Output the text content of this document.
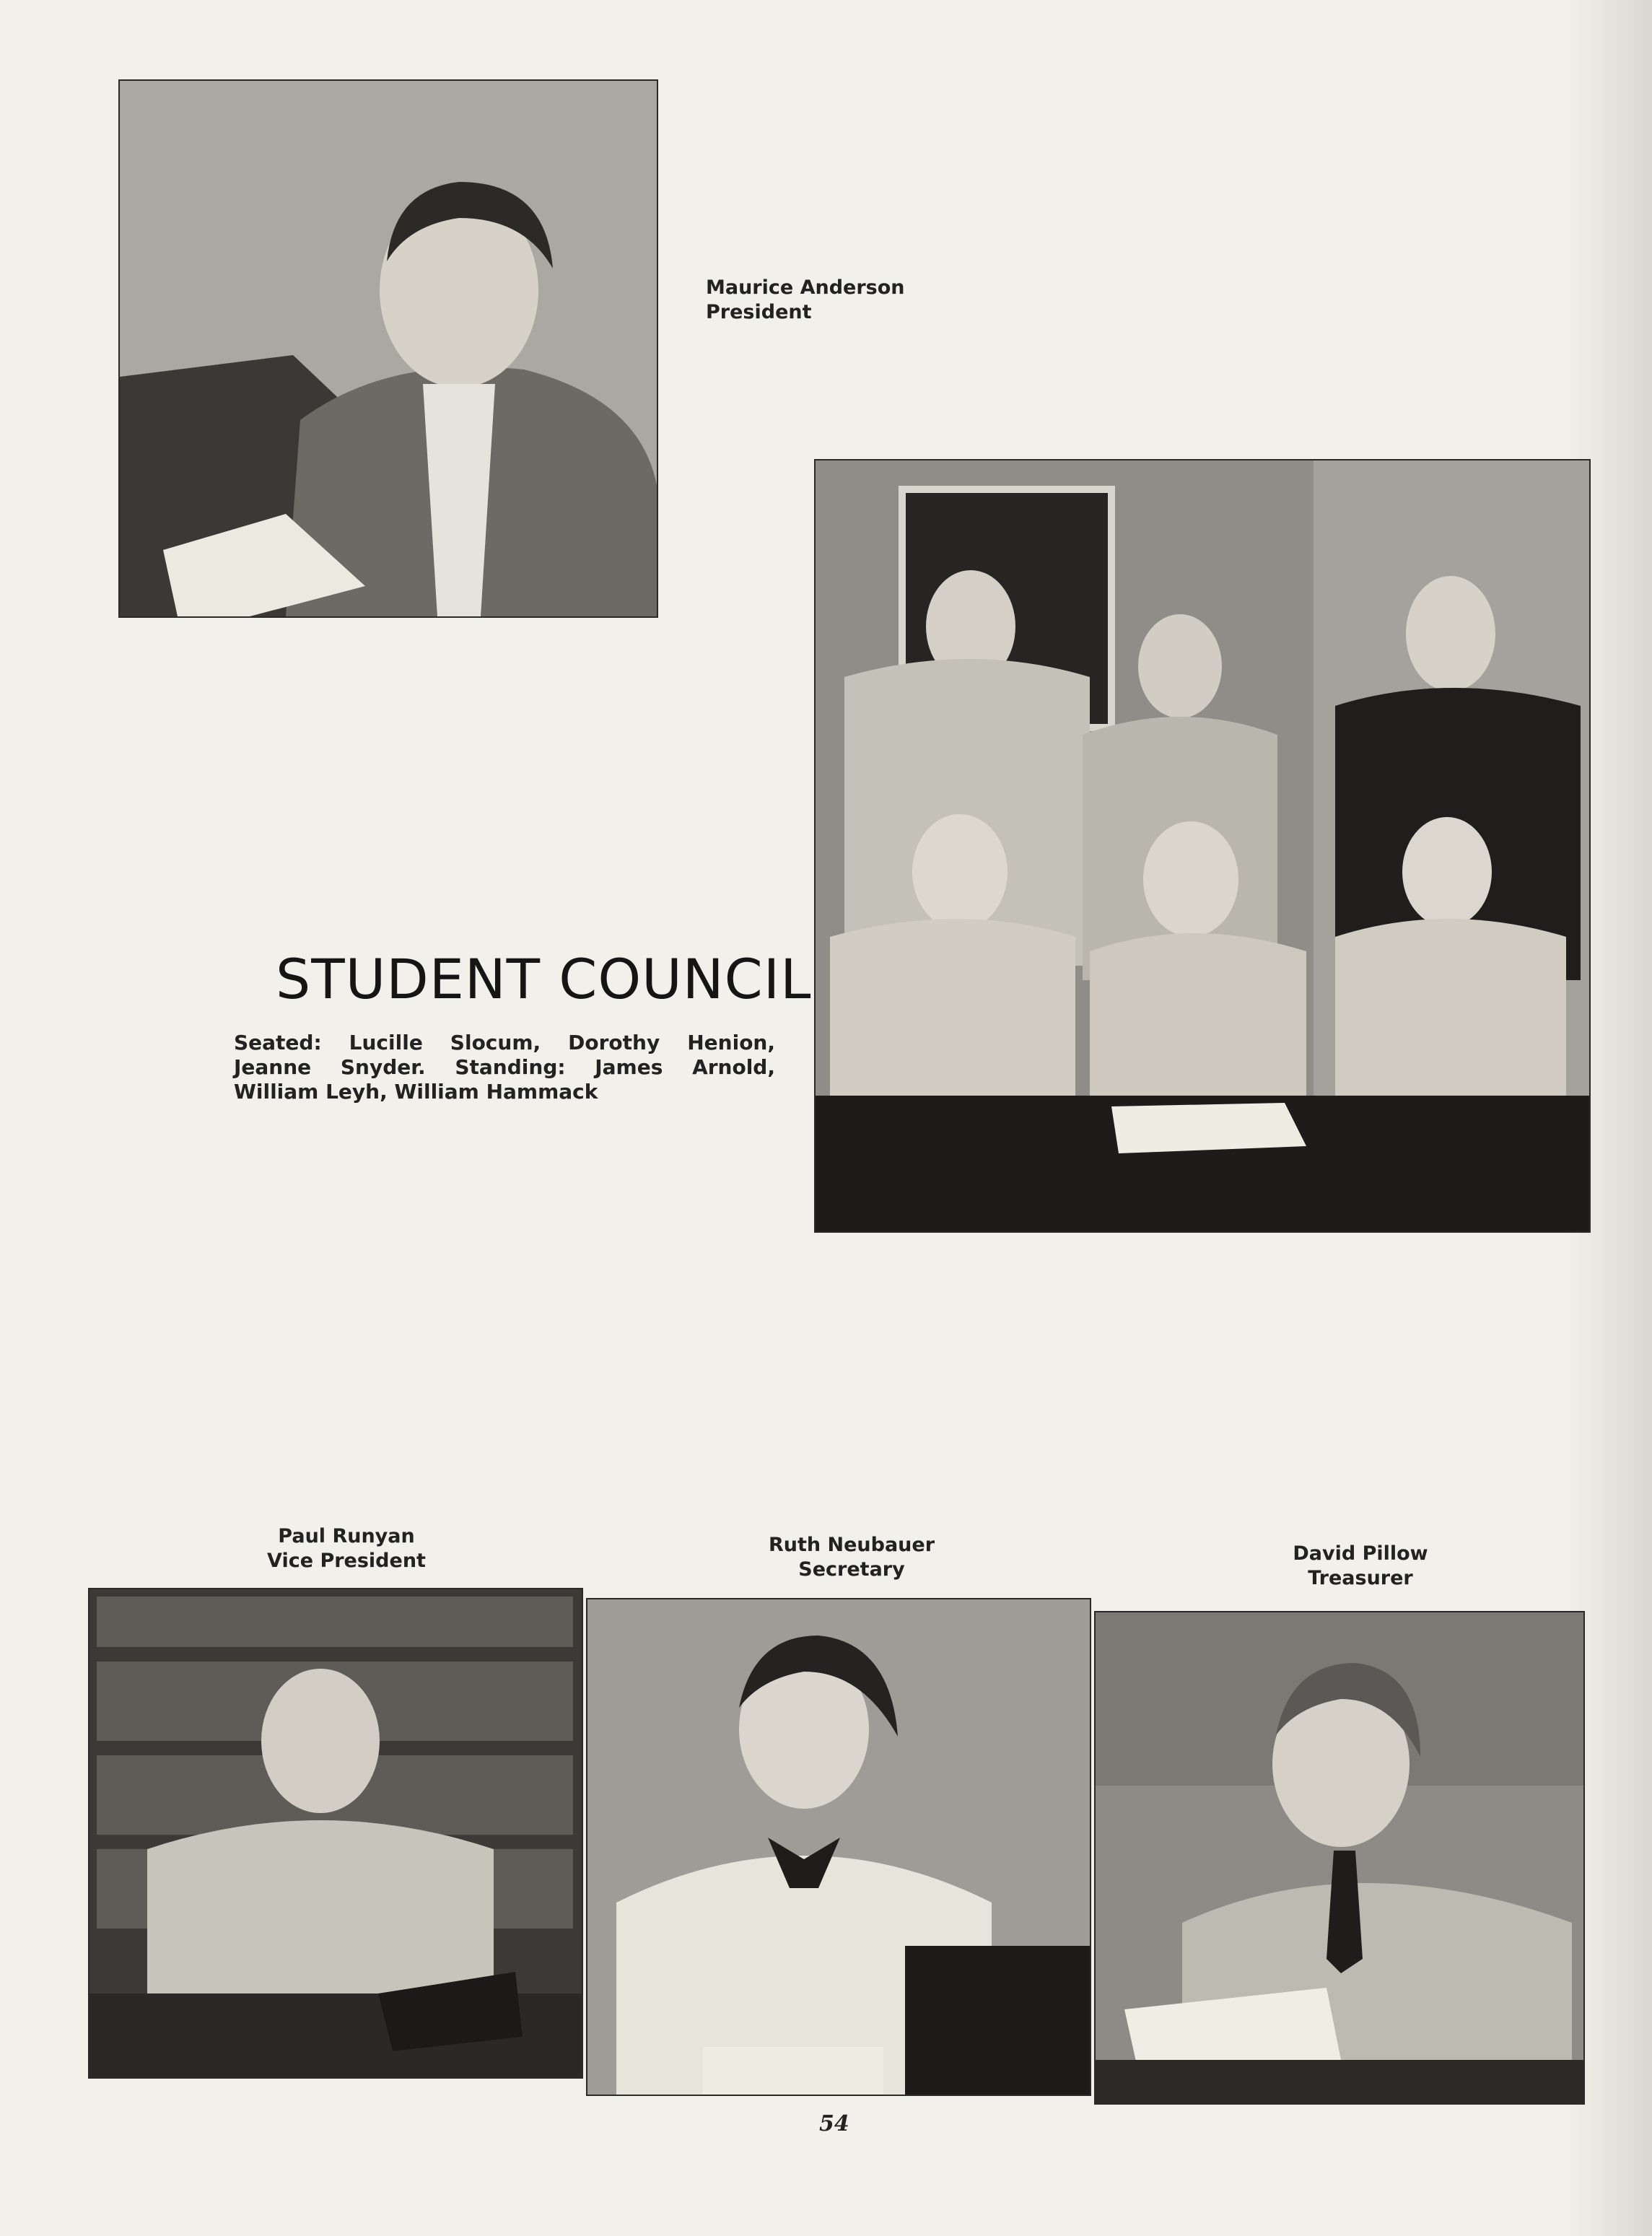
Maurice Anderson
President
STUDENT COUNCIL
Seated: Lucille Slocum, Dorothy Henion, Jeanne Snyder. Standing: James Arnold, William Leyh, William Hammack
Paul Runyan
Vice President
Ruth Neubauer
Secretary
David Pillow
Treasurer
54
